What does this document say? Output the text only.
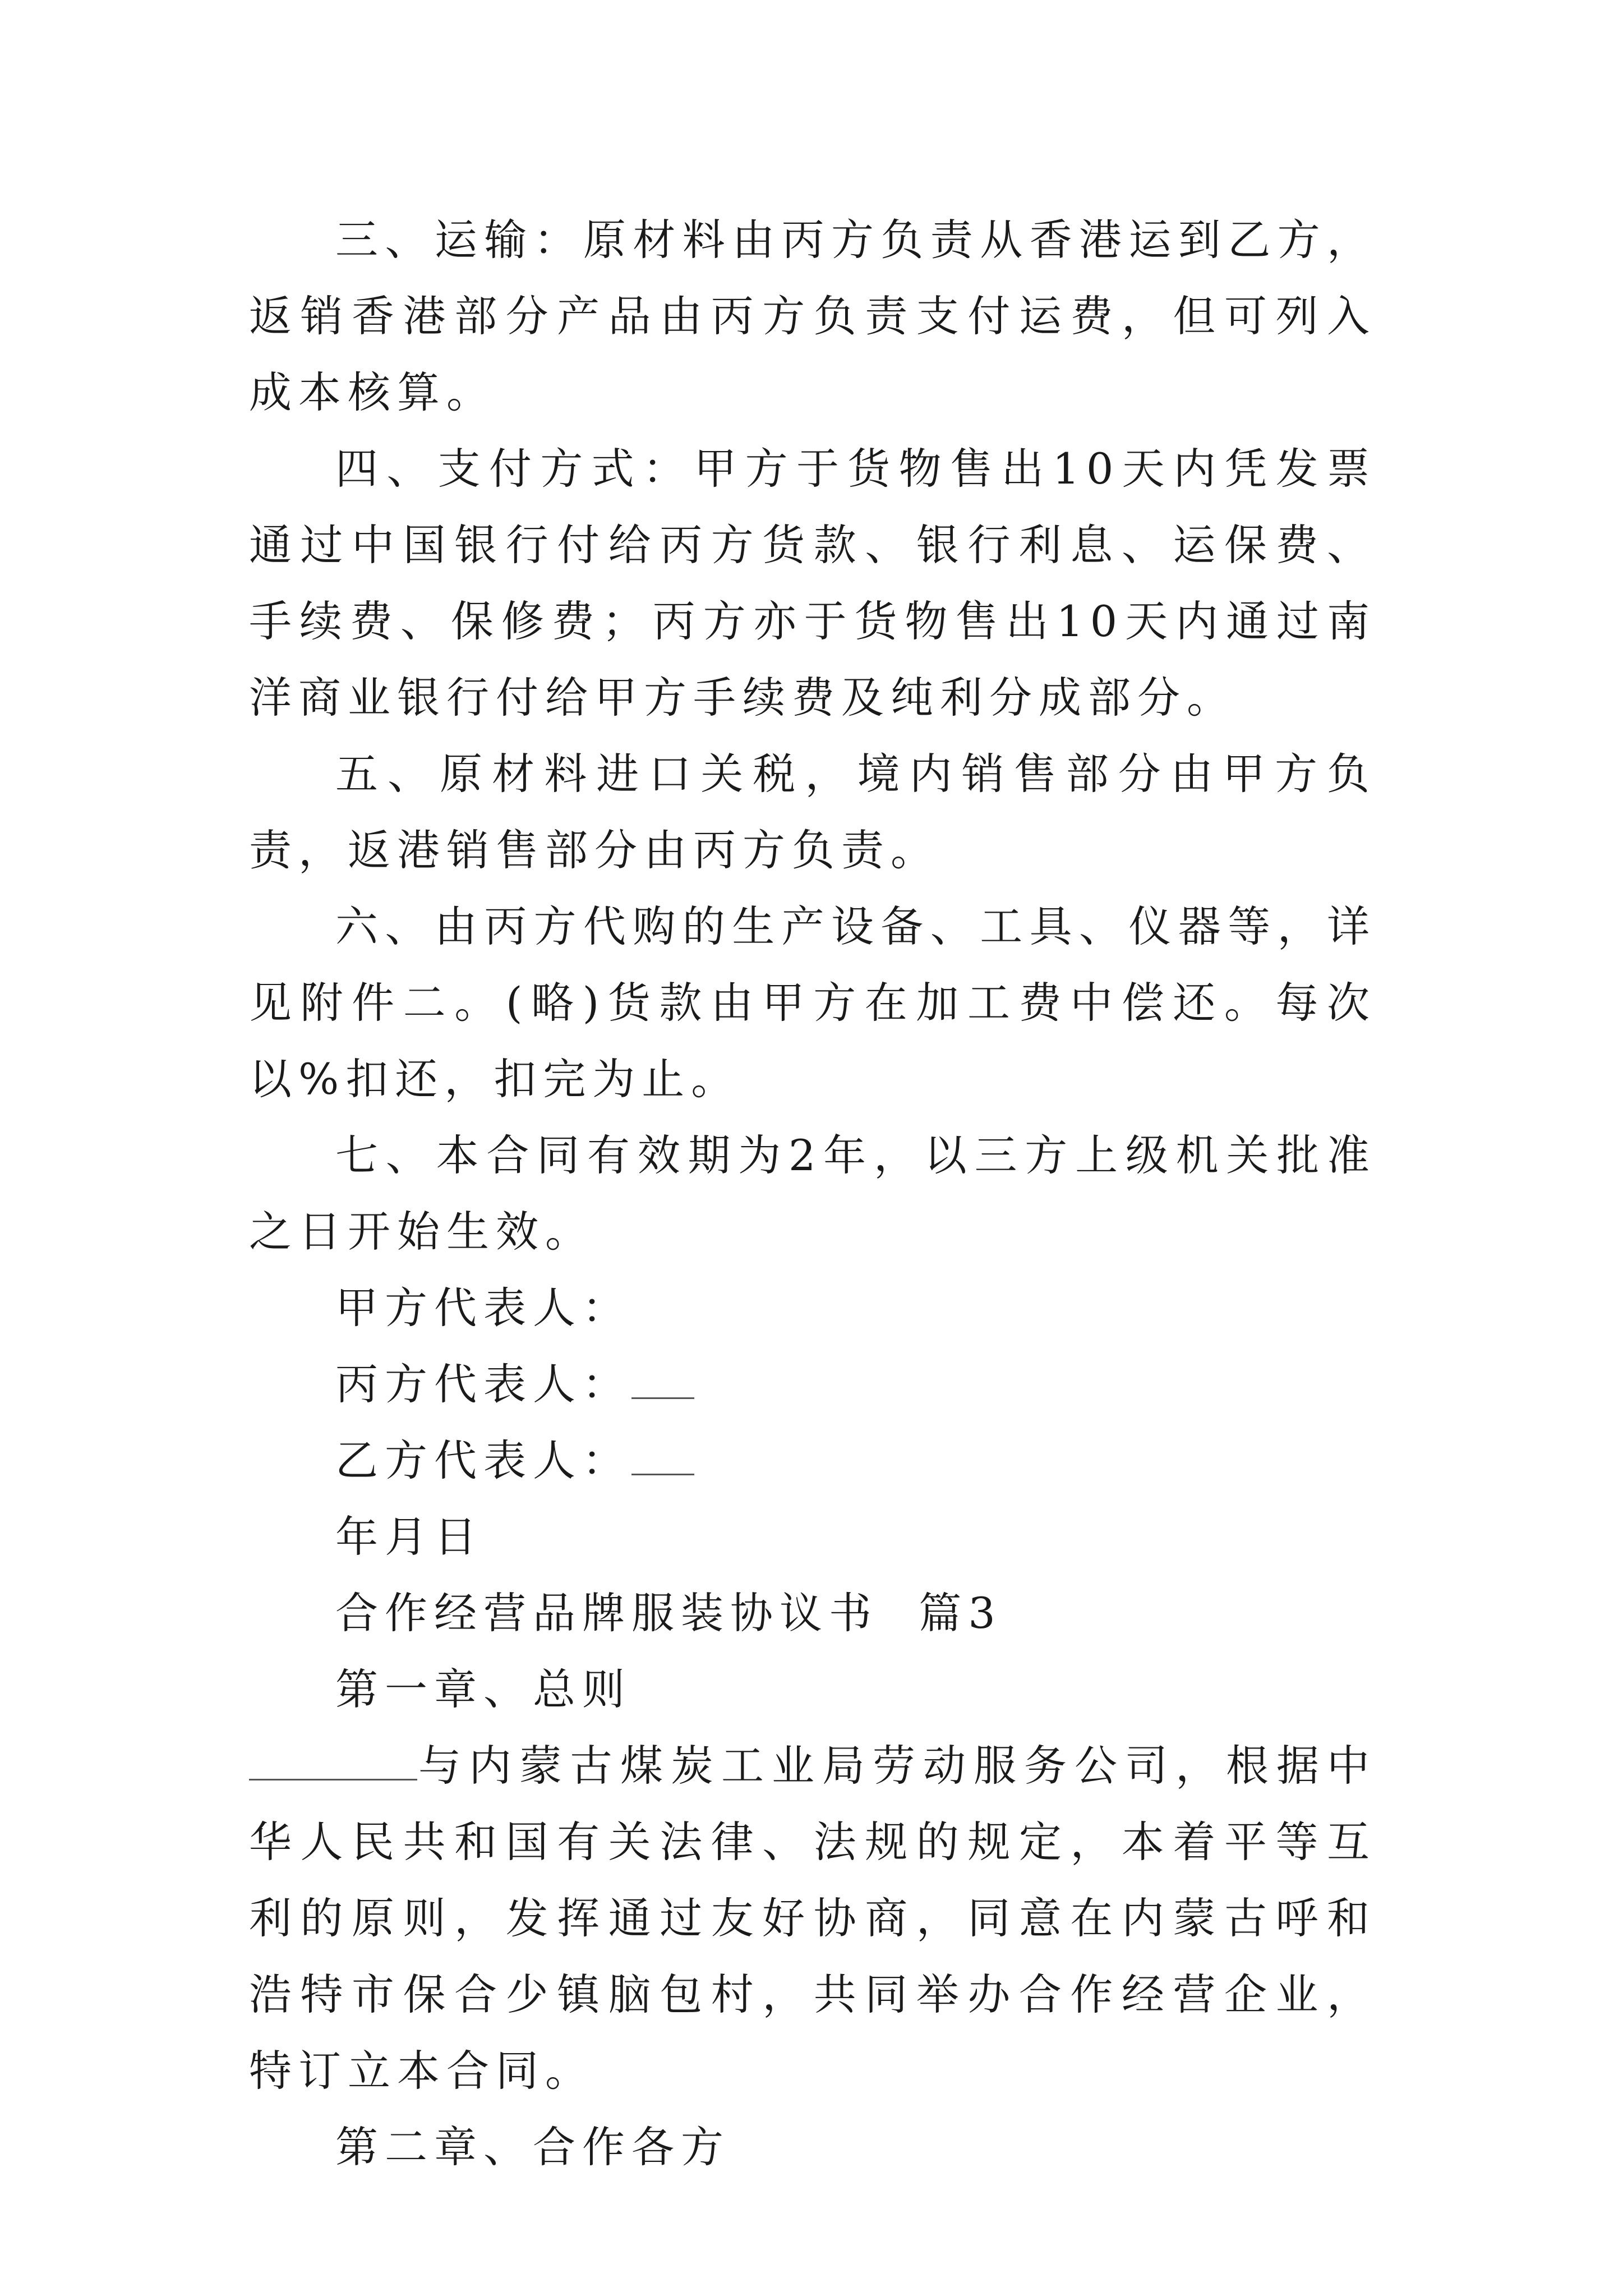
三、运输：原材料由丙方负责从香港运到乙方，返销香港部分产品由丙方负责支付运费，但可列入成本核算。

四、支付方式：甲方于货物售出10天内凭发票通过中国银行付给丙方货款、银行利息、运保费、手续费、保修费；丙方亦于货物售出10天内通过南洋商业银行付给甲方手续费及纯利分成部分。

五、原材料进口关税，境内销售部分由甲方负责，返港销售部分由丙方负责。

六、由丙方代购的生产设备、工具、仪器等，详见附件二。(略)货款由甲方在加工费中偿还。每次以%扣还，扣完为止。

七、本合同有效期为2年，以三方上级机关批准之日开始生效。

甲方代表人：

丙方代表人：

乙方代表人：

年月日

合作经营品牌服装协议书  篇3

第一章、总则

与内蒙古煤炭工业局劳动服务公司，根据中华人民共和国有关法律、法规的规定，本着平等互利的原则，发挥通过友好协商，同意在内蒙古呼和浩特市保合少镇脑包村，共同举办合作经营企业，特订立本合同。

第二章、合作各方
